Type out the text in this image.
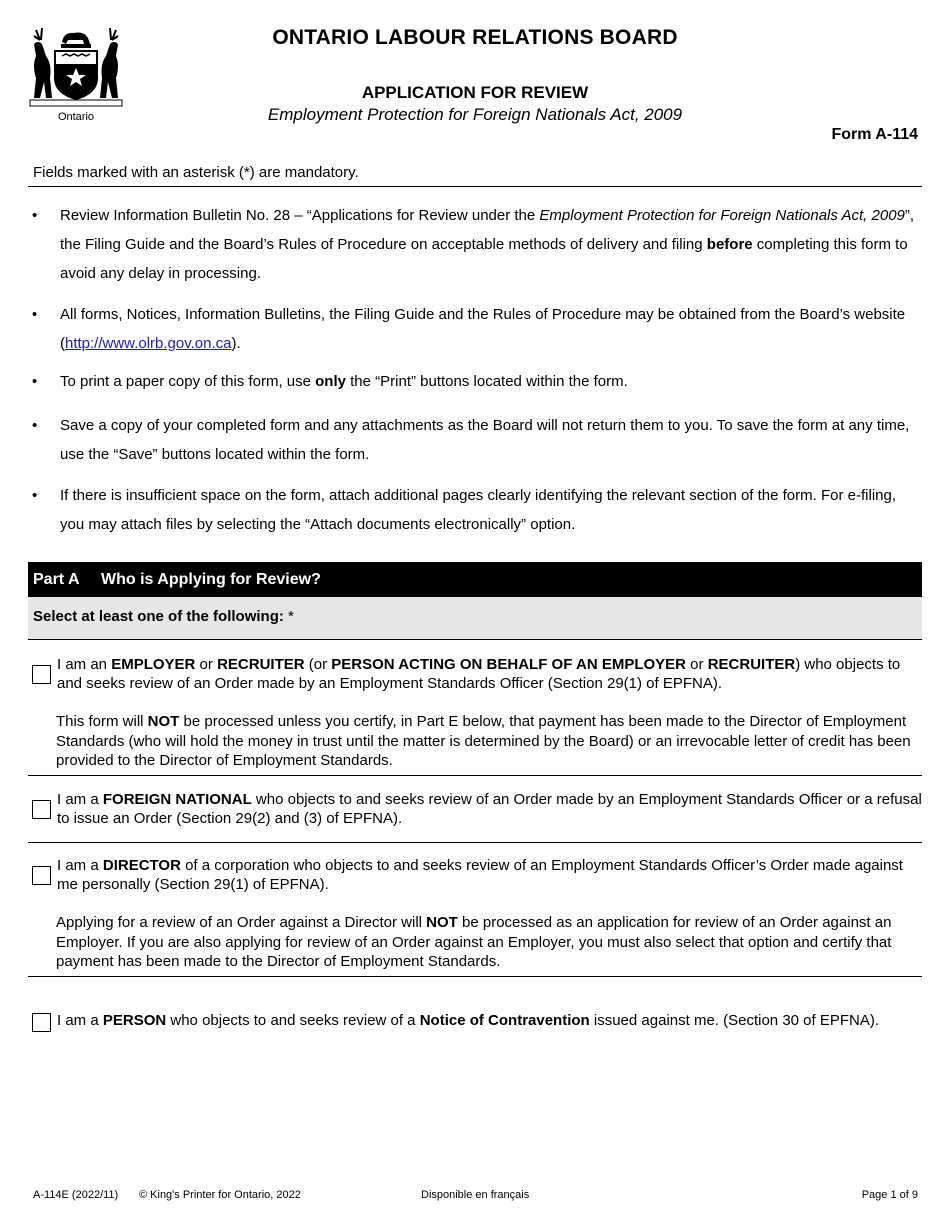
Ontario
ONTARIO LABOUR RELATIONS BOARD
APPLICATION FOR REVIEW
Employment Protection for Foreign Nationals Act, 2009
Form A-114
Fields marked with an asterisk (*) are mandatory.
• Review Information Bulletin No. 28 – “Applications for Review under the Employment Protection for Foreign Nationals Act, 2009”, the Filing Guide and the Board’s Rules of Procedure on acceptable methods of delivery and filing before completing this form to avoid any delay in processing.
• All forms, Notices, Information Bulletins, the Filing Guide and the Rules of Procedure may be obtained from the Board’s website (http://www.olrb.gov.on.ca).
• To print a paper copy of this form, use only the “Print” buttons located within the form.
• Save a copy of your completed form and any attachments as the Board will not return them to you. To save the form at any time, use the “Save” buttons located within the form.
• If there is insufficient space on the form, attach additional pages clearly identifying the relevant section of the form. For e-filing, you may attach files by selecting the “Attach documents electronically” option.
Part A Who is Applying for Review?
Select at least one of the following: *
I am an EMPLOYER or RECRUITER (or PERSON ACTING ON BEHALF OF AN EMPLOYER or RECRUITER) who objects to and seeks review of an Order made by an Employment Standards Officer (Section 29(1) of EPFNA).
This form will NOT be processed unless you certify, in Part E below, that payment has been made to the Director of Employment Standards (who will hold the money in trust until the matter is determined by the Board) or an irrevocable letter of credit has been provided to the Director of Employment Standards.
I am a FOREIGN NATIONAL who objects to and seeks review of an Order made by an Employment Standards Officer or a refusal to issue an Order (Section 29(2) and (3) of EPFNA).
I am a DIRECTOR of a corporation who objects to and seeks review of an Employment Standards Officer’s Order made against me personally (Section 29(1) of EPFNA).
Applying for a review of an Order against a Director will NOT be processed as an application for review of an Order against an Employer. If you are also applying for review of an Order against an Employer, you must also select that option and certify that payment has been made to the Director of Employment Standards.
I am a PERSON who objects to and seeks review of a Notice of Contravention issued against me. (Section 30 of EPFNA).
A-114E (2022/11) © King's Printer for Ontario, 2022	Disponible en français	Page 1 of 9
